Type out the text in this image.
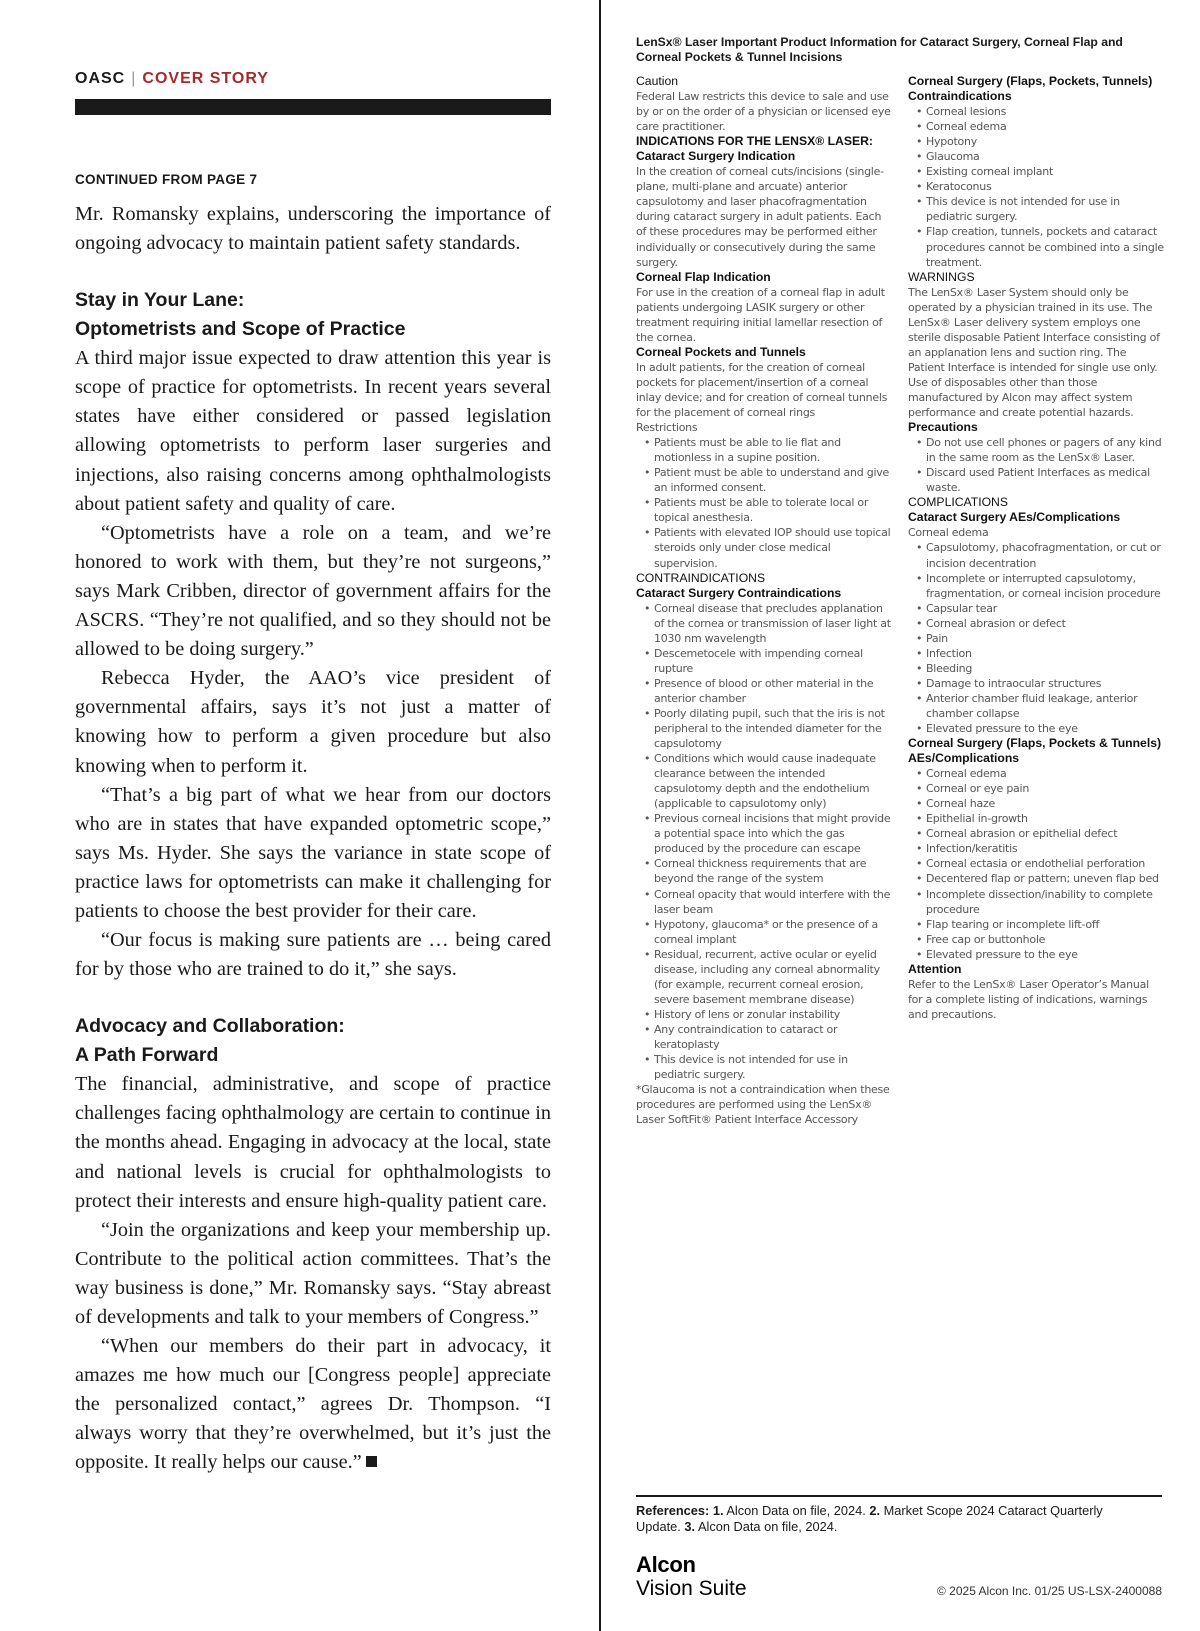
OASC | COVER STORY
CONTINUED FROM PAGE 7

Mr. Romansky explains, underscoring the importance of ongoing advocacy to maintain patient safety standards.

Stay in Your Lane:
Optometrists and Scope of Practice

A third major issue expected to draw attention this year is scope of practice for optometrists. In recent years several states have either considered or passed legislation allowing optometrists to perform laser surgeries and injections, also raising concerns among ophthalmologists about patient safety and quality of care.

“Optometrists have a role on a team, and we’re honored to work with them, but they’re not surgeons,” says Mark Cribben, director of government affairs for the ASCRS. “They’re not qualified, and so they should not be allowed to be doing surgery.”

Rebecca Hyder, the AAO’s vice president of governmental affairs, says it’s not just a matter of knowing how to perform a given procedure but also knowing when to perform it.

“That’s a big part of what we hear from our doctors who are in states that have expanded optometric scope,” says Ms. Hyder. She says the variance in state scope of practice laws for optometrists can make it challenging for patients to choose the best provider for their care.

“Our focus is making sure patients are … being cared for by those who are trained to do it,” she says.

Advocacy and Collaboration:
A Path Forward

The financial, administrative, and scope of practice challenges facing ophthalmology are certain to continue in the months ahead. Engaging in advocacy at the local, state and national levels is crucial for ophthalmologists to protect their interests and ensure high-quality patient care.

“Join the organizations and keep your membership up. Contribute to the political action committees. That’s the way business is done,” Mr. Romansky says. “Stay abreast of developments and talk to your members of Congress.”

“When our members do their part in advocacy, it amazes me how much our [Congress people] appreciate the personalized contact,” agrees Dr. Thompson. “I always worry that they’re overwhelmed, but it’s just the opposite. It really helps our cause.”

LenSx® Laser Important Product Information for Cataract Surgery, Corneal Flap and Corneal Pockets & Tunnel Incisions
Caution
Federal Law restricts this device to sale and use by or on the order of a physician or licensed eye care practitioner.
INDICATIONS FOR THE LENSX® LASER:
Cataract Surgery Indication
In the creation of corneal cuts/incisions (single-plane, multi-plane and arcuate) anterior capsulotomy and laser phacofragmentation during cataract surgery in adult patients. Each of these procedures may be performed either individually or consecutively during the same surgery.
Corneal Flap Indication
For use in the creation of a corneal flap in adult patients undergoing LASIK surgery or other treatment requiring initial lamellar resection of the cornea.
Corneal Pockets and Tunnels
In adult patients, for the creation of corneal pockets for placement/insertion of a corneal inlay device; and for creation of corneal tunnels for the placement of corneal rings
Restrictions
• Patients must be able to lie flat and motionless in a supine position.
• Patient must be able to understand and give an informed consent.
• Patients must be able to tolerate local or topical anesthesia.
• Patients with elevated IOP should use topical steroids only under close medical supervision.
CONTRAINDICATIONS
Cataract Surgery Contraindications
• Corneal disease that precludes applanation of the cornea or transmission of laser light at 1030 nm wavelength
• Descemetocele with impending corneal rupture
• Presence of blood or other material in the anterior chamber
• Poorly dilating pupil, such that the iris is not peripheral to the intended diameter for the capsulotomy
• Conditions which would cause inadequate clearance between the intended capsulotomy depth and the endothelium (applicable to capsulotomy only)
• Previous corneal incisions that might provide a potential space into which the gas produced by the procedure can escape
• Corneal thickness requirements that are beyond the range of the system
• Corneal opacity that would interfere with the laser beam
• Hypotony, glaucoma* or the presence of a corneal implant
• Residual, recurrent, active ocular or eyelid disease, including any corneal abnormality (for example, recurrent corneal erosion, severe basement membrane disease)
• History of lens or zonular instability
• Any contraindication to cataract or keratoplasty
• This device is not intended for use in pediatric surgery.
*Glaucoma is not a contraindication when these procedures are performed using the LenSx® Laser SoftFit® Patient Interface Accessory
Corneal Surgery (Flaps, Pockets, Tunnels)
Contraindications
• Corneal lesions
• Corneal edema
• Hypotony
• Glaucoma
• Existing corneal implant
• Keratoconus
• This device is not intended for use in pediatric surgery.
• Flap creation, tunnels, pockets and cataract procedures cannot be combined into a single treatment.
WARNINGS
The LenSx® Laser System should only be operated by a physician trained in its use. The LenSx® Laser delivery system employs one sterile disposable Patient Interface consisting of an applanation lens and suction ring. The Patient Interface is intended for single use only. Use of disposables other than those manufactured by Alcon may affect system performance and create potential hazards.
Precautions
• Do not use cell phones or pagers of any kind in the same room as the LenSx® Laser.
• Discard used Patient Interfaces as medical waste.
COMPLICATIONS
Cataract Surgery AEs/Complications
Corneal edema
• Capsulotomy, phacofragmentation, or cut or incision decentration
• Incomplete or interrupted capsulotomy, fragmentation, or corneal incision procedure
• Capsular tear
• Corneal abrasion or defect
• Pain
• Infection
• Bleeding
• Damage to intraocular structures
• Anterior chamber fluid leakage, anterior chamber collapse
• Elevated pressure to the eye
Corneal Surgery (Flaps, Pockets & Tunnels)
AEs/Complications
• Corneal edema
• Corneal or eye pain
• Corneal haze
• Epithelial in-growth
• Corneal abrasion or epithelial defect
• Infection/keratitis
• Corneal ectasia or endothelial perforation
• Decentered flap or pattern; uneven flap bed
• Incomplete dissection/inability to complete procedure
• Flap tearing or incomplete lift-off
• Free cap or buttonhole
• Elevated pressure to the eye
Attention
Refer to the LenSx® Laser Operator’s Manual for a complete listing of indications, warnings and precautions.
References: 1. Alcon Data on file, 2024. 2. Market Scope 2024 Cataract Quarterly Update. 3. Alcon Data on file, 2024.
Alcon
Vision Suite	© 2025 Alcon Inc. 01/25 US-LSX-2400088
